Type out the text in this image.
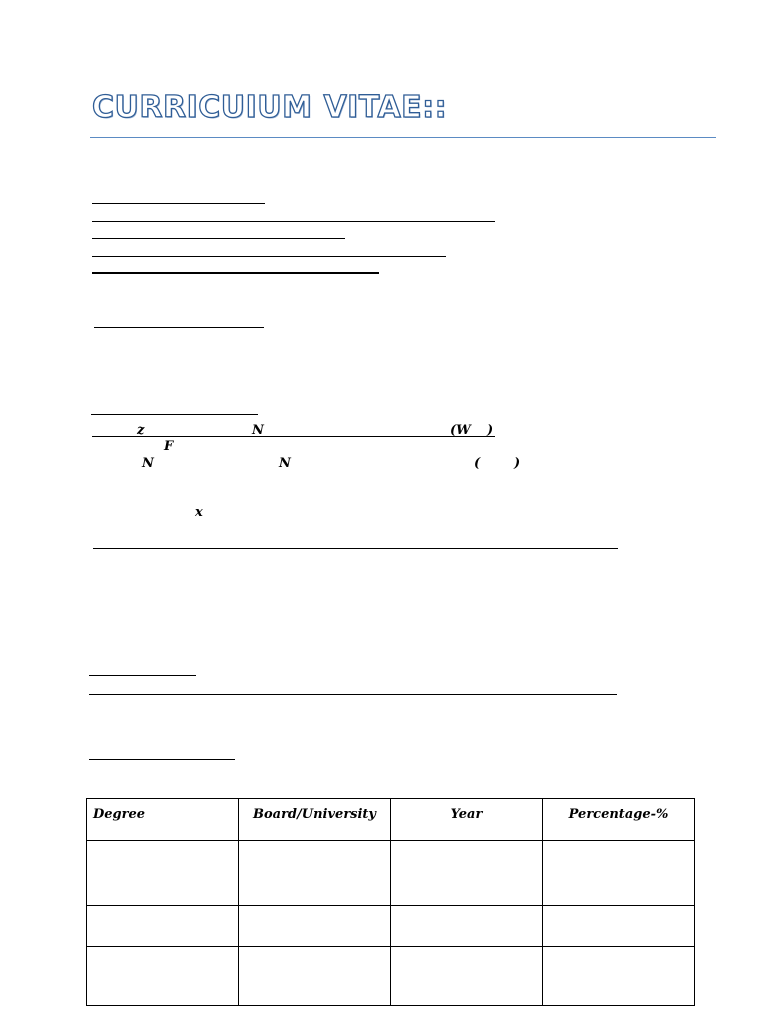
CURRICUIUM VITAE::
z	N	(W )
F
N	N	(	)
x
Degree	Board/University	Year	Percentage-%
